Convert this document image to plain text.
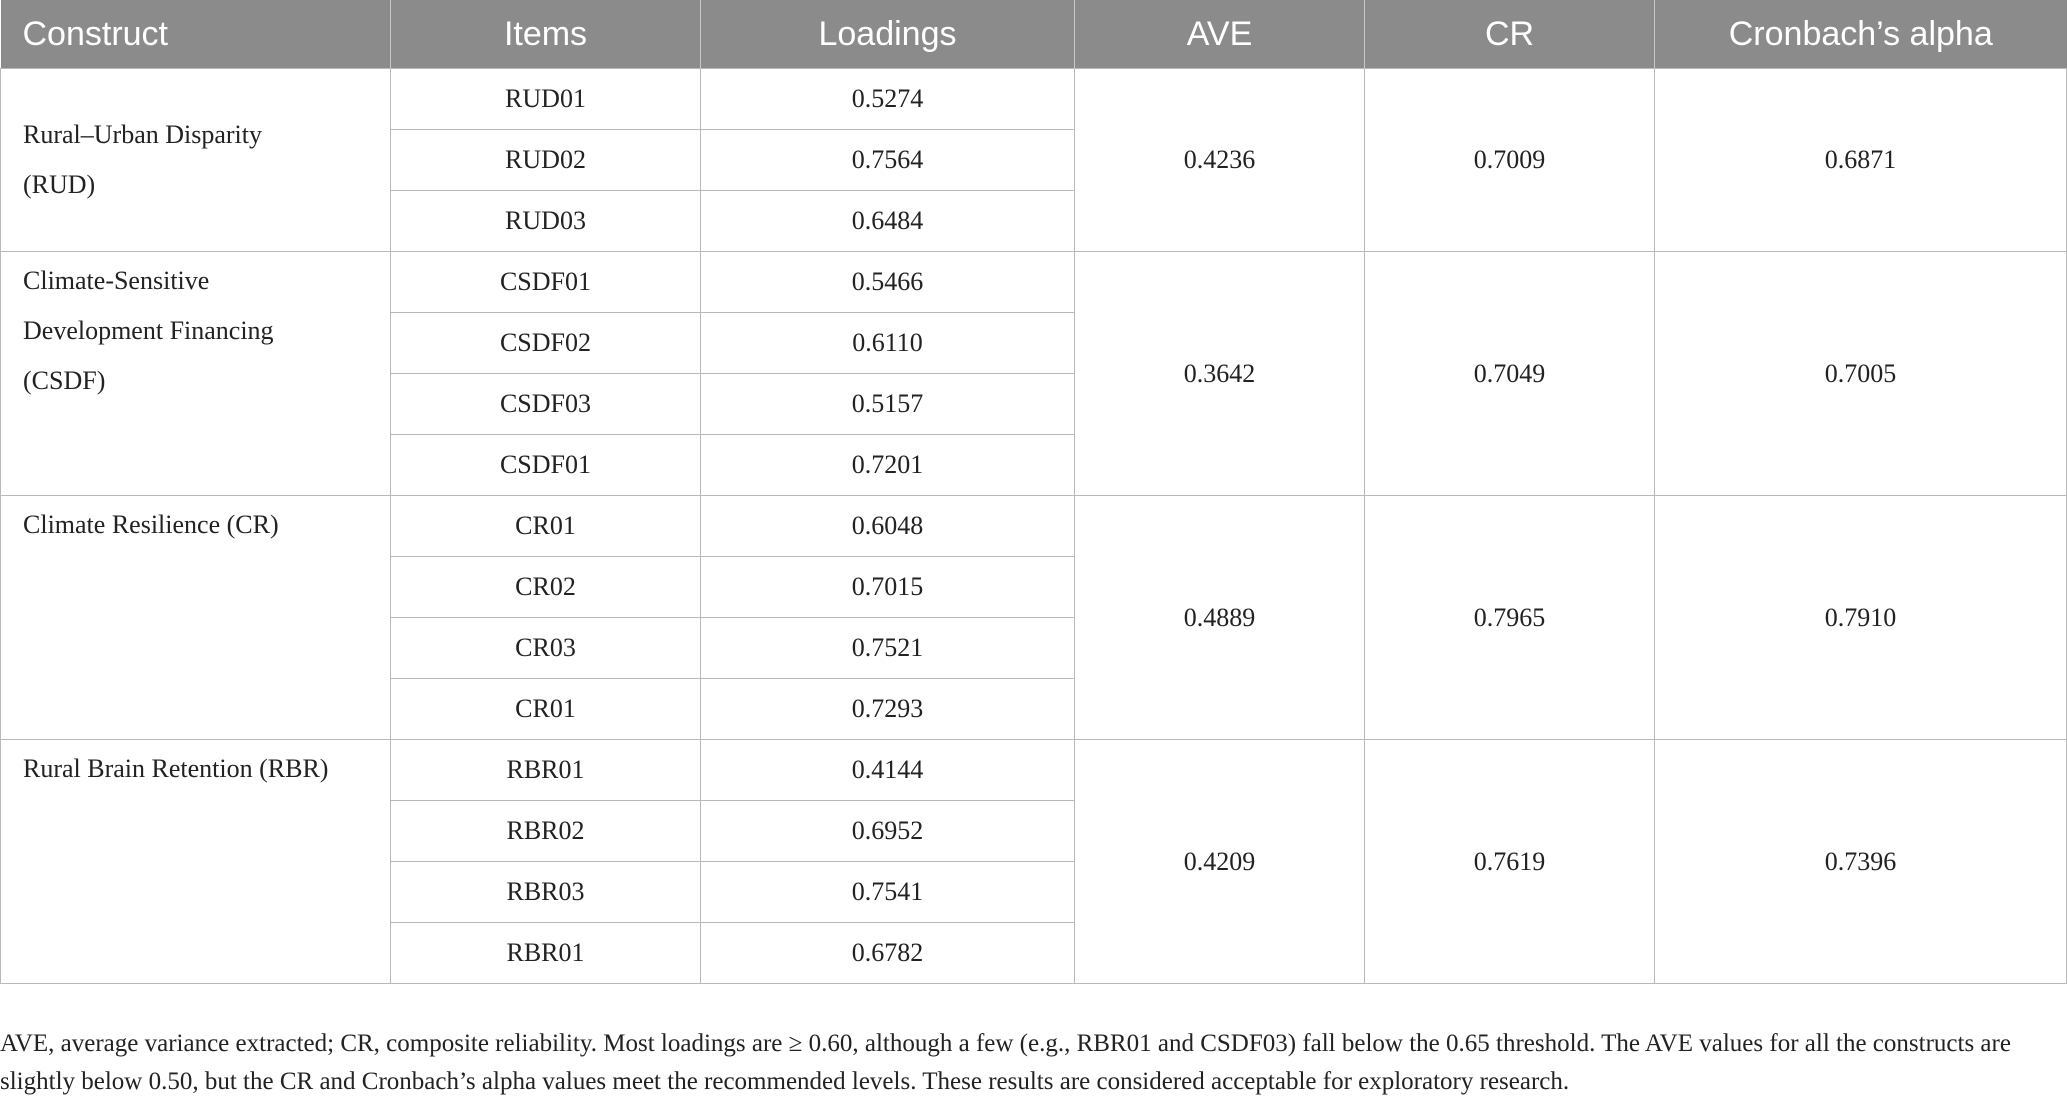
Construct	Items	Loadings	AVE	CR	Cronbach’s alpha
Rural–Urban Disparity (RUD)	RUD01	0.5274	0.4236	0.7009	0.6871
	RUD02	0.7564			
	RUD03	0.6484			
Climate-Sensitive Development Financing (CSDF)	CSDF01	0.5466	0.3642	0.7049	0.7005
	CSDF02	0.6110			
	CSDF03	0.5157			
	CSDF01	0.7201			
Climate Resilience (CR)	CR01	0.6048	0.4889	0.7965	0.7910
	CR02	0.7015			
	CR03	0.7521			
	CR01	0.7293			
Rural Brain Retention (RBR)	RBR01	0.4144	0.4209	0.7619	0.7396
	RBR02	0.6952			
	RBR03	0.7541			
	RBR01	0.6782			

AVE, average variance extracted; CR, composite reliability. Most loadings are ≥ 0.60, although a few (e.g., RBR01 and CSDF03) fall below the 0.65 threshold. The AVE values for all the constructs are slightly below 0.50, but the CR and Cronbach’s alpha values meet the recommended levels. These results are considered acceptable for exploratory research.
